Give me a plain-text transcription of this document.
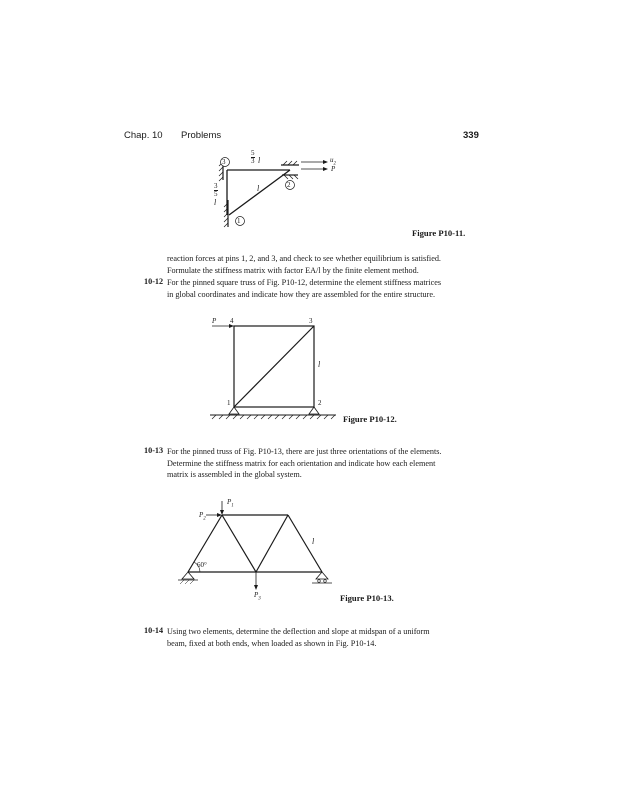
Chap. 10 Problems	339
3
2
1
$\frac{5}{3}$ l
$\frac{3}{5}$
l
l
$u_2$
P
Figure P10-11.
reaction forces at pins 1, 2, and 3, and check to see whether equilibrium is satisfied.
Formulate the stiffness matrix with factor EA/l by the finite element method.
10-12 For the pinned square truss of Fig. P10-12, determine the element stiffness matrices
in global coordinates and indicate how they are assembled for the entire structure.
P 4	3
1	2
l
Figure P10-12.
10-13 For the pinned truss of Fig. P10-13, there are just three orientations of the elements.
Determine the stiffness matrix for each orientation and indicate how each element
matrix is assembled in the global system.
$P_1$
$P_2$
$P_3$
60°
l
Figure P10-13.
10-14 Using two elements, determine the deflection and slope at midspan of a uniform
beam, fixed at both ends, when loaded as shown in Fig. P10-14.
